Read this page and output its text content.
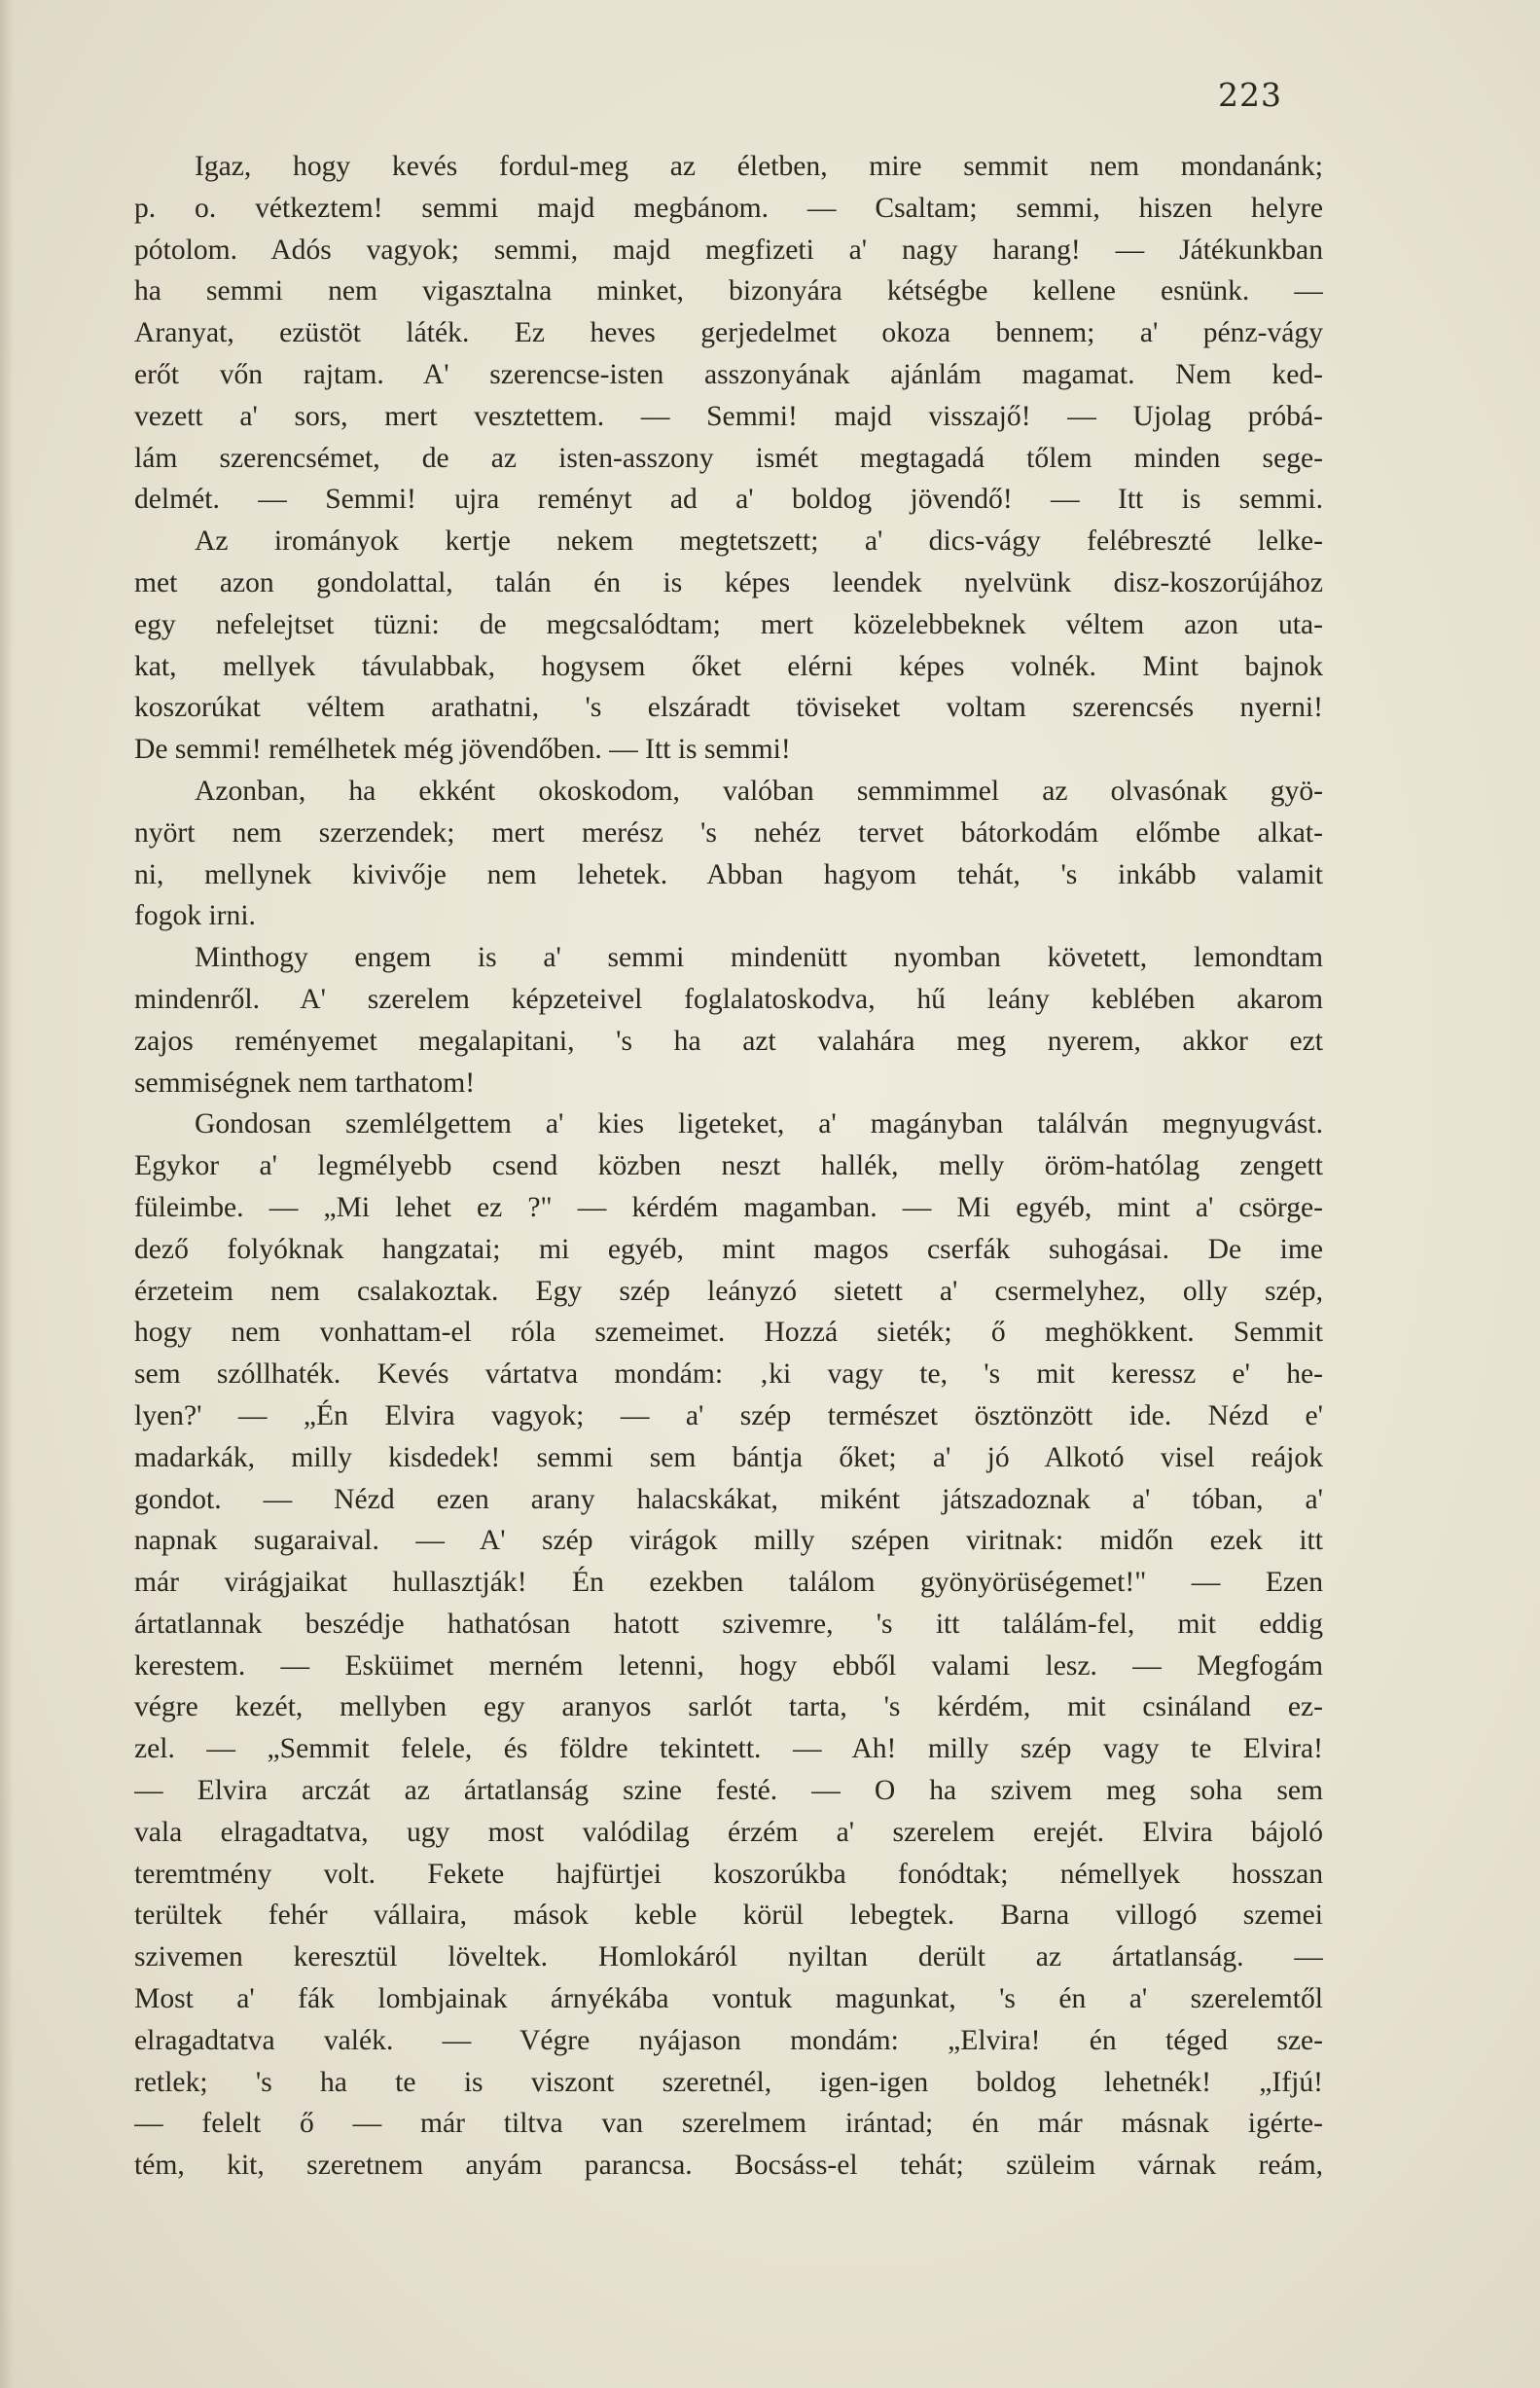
223

Igaz, hogy kevés fordul-meg az életben, mire semmit nem mondanánk;

p. o. vétkeztem! semmi majd megbánom. — Csaltam; semmi, hiszen helyre

pótolom. Adós vagyok; semmi, majd megfizeti a' nagy harang! — Játékunkban

ha semmi nem vigasztalna minket, bizonyára kétségbe kellene esnünk. —

Aranyat, ezüstöt láték. Ez heves gerjedelmet okoza bennem; a' pénz-vágy

erőt vőn rajtam. A' szerencse-isten asszonyának ajánlám magamat. Nem ked-

vezett a' sors, mert vesztettem. — Semmi! majd visszajő! — Ujolag próbá-

lám szerencsémet, de az isten-asszony ismét megtagadá tőlem minden sege-

delmét. — Semmi! ujra reményt ad a' boldog jövendő! — Itt is semmi.

Az irományok kertje nekem megtetszett; a' dics-vágy felébreszté lelke-

met azon gondolattal, talán én is képes leendek nyelvünk disz-koszorújához

egy nefelejtset tüzni: de megcsalódtam; mert közelebbeknek véltem azon uta-

kat, mellyek távulabbak, hogysem őket elérni képes volnék. Mint bajnok

koszorúkat véltem arathatni, 's elszáradt töviseket voltam szerencsés nyerni!

De semmi! remélhetek még jövendőben. — Itt is semmi!

Azonban, ha ekként okoskodom, valóban semmimmel az olvasónak gyö-

nyört nem szerzendek; mert merész 's nehéz tervet bátorkodám előmbe alkat-

ni, mellynek kivivője nem lehetek. Abban hagyom tehát, 's inkább valamit

fogok irni.

Minthogy engem is a' semmi mindenütt nyomban követett, lemondtam

mindenről. A' szerelem képzeteivel foglalatoskodva, hű leány keblében akarom

zajos reményemet megalapitani, 's ha azt valahára meg nyerem, akkor ezt

semmiségnek nem tarthatom!

Gondosan szemlélgettem a' kies ligeteket, a' magányban találván megnyugvást.

Egykor a' legmélyebb csend közben neszt hallék, melly öröm-hatólag zengett

füleimbe. — „Mi lehet ez ?" — kérdém magamban. — Mi egyéb, mint a' csörge-

dező folyóknak hangzatai; mi egyéb, mint magos cserfák suhogásai. De ime

érzeteim nem csalakoztak. Egy szép leányzó sietett a' csermelyhez, olly szép,

hogy nem vonhattam-el róla szemeimet. Hozzá sieték; ő meghökkent. Semmit

sem szóllhaték. Kevés vártatva mondám: ‚ki vagy te, 's mit keressz e' he-

lyen?' — „Én Elvira vagyok; — a' szép természet ösztönzött ide. Nézd e'

madarkák, milly kisdedek! semmi sem bántja őket; a' jó Alkotó visel reájok

gondot. — Nézd ezen arany halacskákat, miként játszadoznak a' tóban, a'

napnak sugaraival. — A' szép virágok milly szépen viritnak: midőn ezek itt

már virágjaikat hullasztják! Én ezekben találom gyönyörüségemet!" — Ezen

ártatlannak beszédje hathatósan hatott szivemre, 's itt találám-fel, mit eddig

kerestem. — Esküimet merném letenni, hogy ebből valami lesz. — Megfogám

végre kezét, mellyben egy aranyos sarlót tarta, 's kérdém, mit csináland ez-

zel. — „Semmit felele, és földre tekintett. — Ah! milly szép vagy te Elvira!

— Elvira arczát az ártatlanság szine festé. — O ha szivem meg soha sem

vala elragadtatva, ugy most valódilag érzém a' szerelem erejét. Elvira bájoló

teremtmény volt. Fekete hajfürtjei koszorúkba fonódtak; némellyek hosszan

terültek fehér vállaira, mások keble körül lebegtek. Barna villogó szemei

szivemen keresztül löveltek. Homlokáról nyiltan derült az ártatlanság. —

Most a' fák lombjainak árnyékába vontuk magunkat, 's én a' szerelemtől

elragadtatva valék. — Végre nyájason mondám: „Elvira! én téged sze-

retlek; 's ha te is viszont szeretnél, igen-igen boldog lehetnék! „Ifjú!

— felelt ő — már tiltva van szerelmem irántad; én már másnak igérte-

tém, kit, szeretnem anyám parancsa. Bocsáss-el tehát; szüleim várnak reám,
